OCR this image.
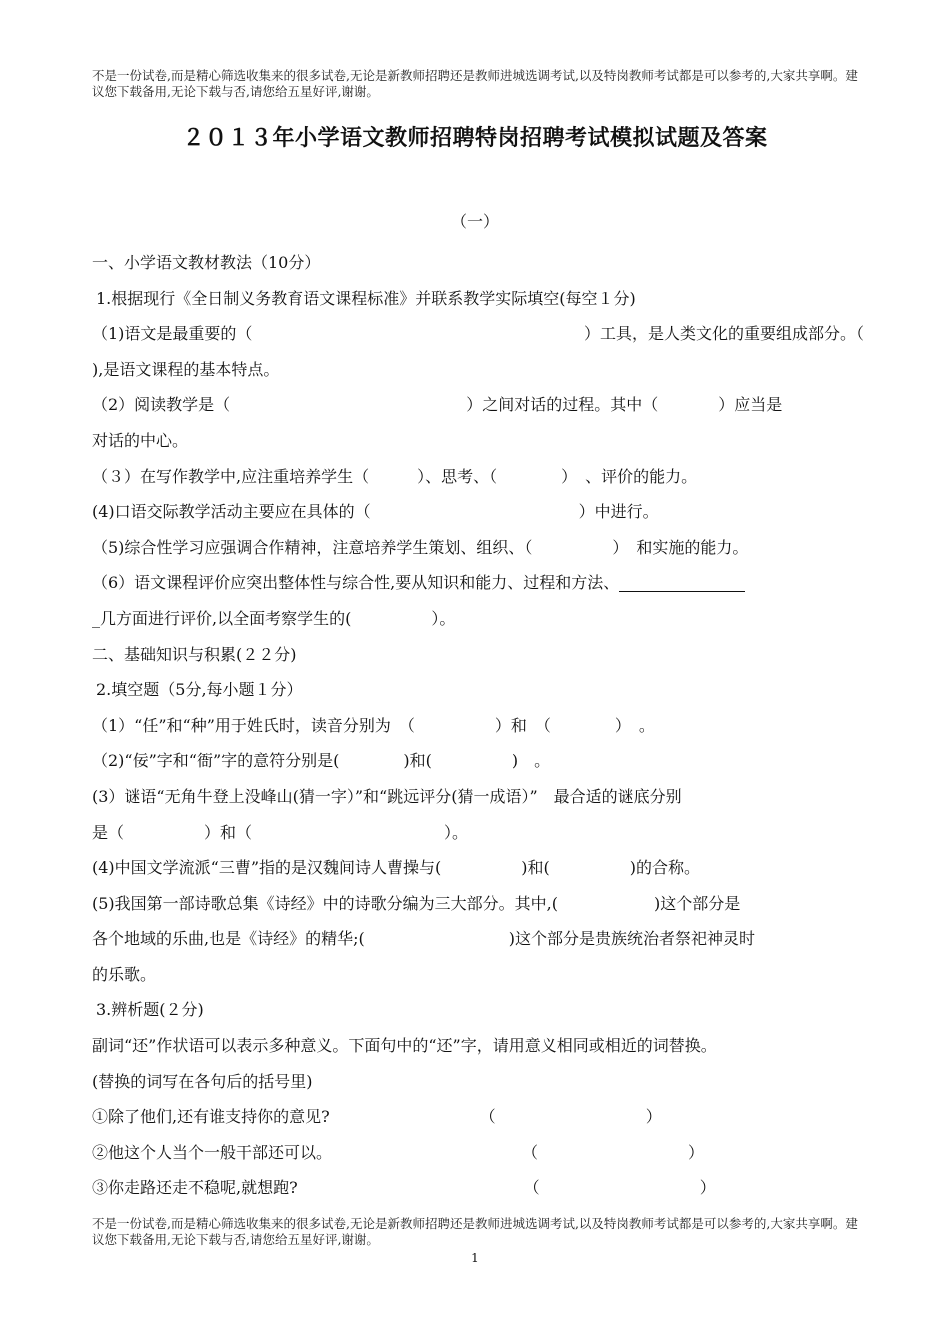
不是一份试卷,而是精心筛选收集来的很多试卷,无论是新教师招聘还是教师进城选调考试,以及特岗教师考试都是可以参考的,大家共享啊。建议您下载备用,无论下载与否,请您给五星好评,谢谢。
２０１３年小学语文教师招聘特岗招聘考试模拟试题及答案
（一）
一、小学语文教材教法（10分）
1.根据现行《全日制义务教育语文课程标准》并联系教学实际填空(每空１分)
（1)语文是最重要的（	）工具，是人类文化的重要组成部分。（
),是语文课程的基本特点。
（2）阅读教学是（	）之间对话的过程。其中（	）应当是
对话的中心。
（３）在写作教学中,应注重培养学生（　　　）、思考、（　　　　）　、评价的能力。
(4)口语交际教学活动主要应在具体的（　　　　　　　　　　　　　）中进行。
（5)综合性学习应强调合作精神，注意培养学生策划、组织、（　　　　　）　和实施的能力。
（6）语文课程评价应突出整体性与综合性,要从知识和能力、过程和方法、
_几方面进行评价,以全面考察学生的(　　　　　）。
二、基础知识与积累(２２分)
2.填空题（5分,每小题１分）
（1）“任”和“种”用于姓氏时，读音分别为　（　　　　　）和　（　　　　）　。
（2)“佞”字和“衙”字的意符分别是(　　　　)和(　　　　　)　。
(3）谜语“无角牛登上没峰山(猜一字）”和“跳远评分(猜一成语）”　最合适的谜底分别
是（　　　　　）和（　　　　　　　　　　　　）。
(4)中国文学流派“三曹”指的是汉魏间诗人曹操与(　　　　　)和(　　　　　)的合称。
(5)我国第一部诗歌总集《诗经》中的诗歌分编为三大部分。其中,(　　　　　　)这个部分是
各个地域的乐曲,也是《诗经》的精华;(　　　　　　　　　)这个部分是贵族统治者祭祀神灵时
的乐歌。
3.辨析题(２分)
副词“还”作状语可以表示多种意义。下面句中的“还”字，请用意义相同或相近的词替换。
(替换的词写在各句后的括号里)
①除了他们,还有谁支持你的意见?	（	）
②他这个人当个一般干部还可以。	（	）
③你走路还走不稳呢,就想跑?	（	）
不是一份试卷,而是精心筛选收集来的很多试卷,无论是新教师招聘还是教师进城选调考试,以及特岗教师考试都是可以参考的,大家共享啊。建议您下载备用,无论下载与否,请您给五星好评,谢谢。
1
